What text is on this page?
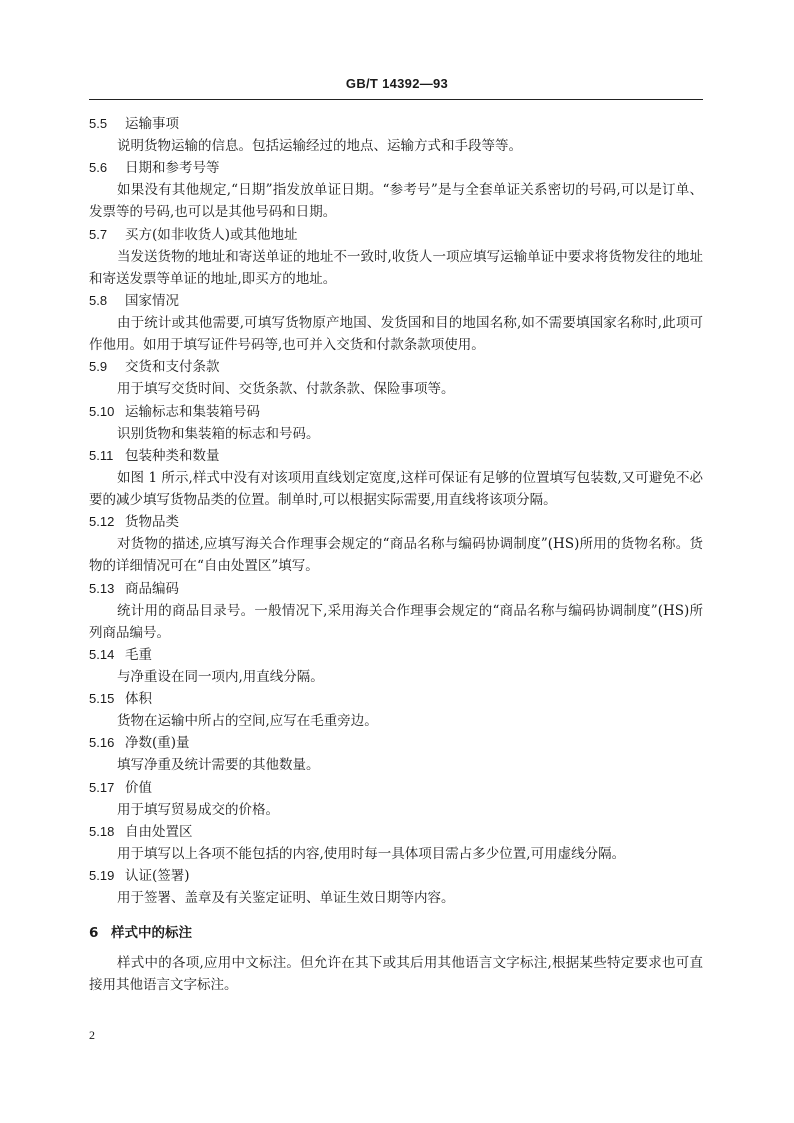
GB/T 14392—93
5.5	运输事项

说明货物运输的信息。包括运输经过的地点、运输方式和手段等等。

5.6	日期和参考号等

如果没有其他规定,“日期”指发放单证日期。“参考号”是与全套单证关系密切的号码,可以是订单、发票等的号码,也可以是其他号码和日期。

5.7	买方(如非收货人)或其他地址

当发送货物的地址和寄送单证的地址不一致时,收货人一项应填写运输单证中要求将货物发往的地址和寄送发票等单证的地址,即买方的地址。

5.8	国家情况

由于统计或其他需要,可填写货物原产地国、发货国和目的地国名称,如不需要填国家名称时,此项可作他用。如用于填写证件号码等,也可并入交货和付款条款项使用。

5.9	交货和支付条款

用于填写交货时间、交货条款、付款条款、保险事项等。

5.10 运输标志和集装箱号码

识别货物和集装箱的标志和号码。

5.11 包装种类和数量

如图 1 所示,样式中没有对该项用直线划定宽度,这样可保证有足够的位置填写包装数,又可避免不必要的减少填写货物品类的位置。制单时,可以根据实际需要,用直线将该项分隔。

5.12 货物品类

对货物的描述,应填写海关合作理事会规定的“商品名称与编码协调制度”(HS)所用的货物名称。货物的详细情况可在“自由处置区”填写。

5.13 商品编码

统计用的商品目录号。一般情况下,采用海关合作理事会规定的“商品名称与编码协调制度”(HS)所列商品编号。

5.14 毛重

与净重设在同一项内,用直线分隔。

5.15 体积

货物在运输中所占的空间,应写在毛重旁边。

5.16 净数(重)量

填写净重及统计需要的其他数量。

5.17 价值

用于填写贸易成交的价格。

5.18 自由处置区

用于填写以上各项不能包括的内容,使用时每一具体项目需占多少位置,可用虚线分隔。

5.19 认证(签署)

用于签署、盖章及有关鉴定证明、单证生效日期等内容。

6 样式中的标注

样式中的各项,应用中文标注。但允许在其下或其后用其他语言文字标注,根据某些特定要求也可直接用其他语言文字标注。

2
